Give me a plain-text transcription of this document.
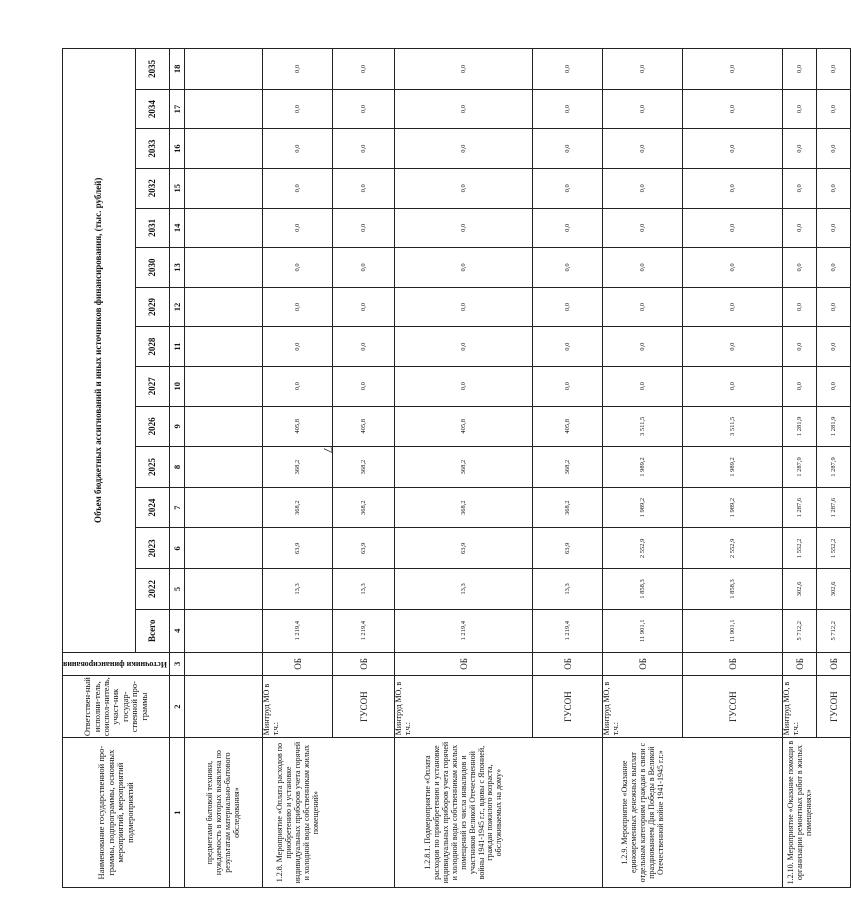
7
Наименование государственной про-граммы, подпрограммы, основных мероприятий, мероприятий подмероприятий	Ответствен-ный исполни-тель, соиспол-нитель, участ-ник государ-ственной про-граммы	Источники финансирования	Объем бюджетных ассигнований и иных источников финансирования, (тыс. рублей)														
			Всего	2022	2023	2024	2025	2026	2027	2028	2029	2030	2031	2032	2033	2034	2035
1	2	3	4	5	6	7	8	9	10	11	12	13	14	15	16	17	18
предметами бытовой техники, нуждаемость в которых выявлена по результатам материально-бытового обследования»																	
1.2.8. Мероприятие «Оплата расходов по приобретению и установке индивидуальных приборов учета горячей и холодной воды собственникам жилых помещений»	Минтруд МО в т.ч.:	ОБ	1 219,4	13,3	63,9	368,2	368,2	405,8	0,0	0,0	0,0	0,0	0,0	0,0	0,0	0,0	0,0
	ГУСОН	ОБ	1 219,4	13,3	63,9	368,2	368,2	405,8	0,0	0,0	0,0	0,0	0,0	0,0	0,0	0,0	0,0
1.2.8.1. Подмероприятие «Оплата расходов по приобретению и установке индивидуальных приборов учета горячей и холодной воды собственникам жилых помещений из числа инвалидов и участников Великой Отечественной войны 1941-1945 г.г., вдовы с Японией, граждан пожилого возраста, обслуживаемых на дому»	Минтруд МО, в т.ч.:	ОБ	1 219,4	13,3	63,9	368,2	368,2	405,8	0,0	0,0	0,0	0,0	0,0	0,0	0,0	0,0	0,0
	ГУСОН	ОБ	1 219,4	13,3	63,9	368,2	368,2	405,8	0,0	0,0	0,0	0,0	0,0	0,0	0,0	0,0	0,0
1.2.9. Мероприятие «Оказание единовременных денежных выплат отдельным категориям граждан в связи с празднованием Дня Победы в Великой Отечественной войне 1941-1945 г.г.»	Минтруд МО, в т.ч.:	ОБ	11 901,1	1 858,3	2 552,9	1 989,2	1 989,2	3 511,5	0,0	0,0	0,0	0,0	0,0	0,0	0,0	0,0	0,0
	ГУСОН	ОБ	11 901,1	1 858,3	2 552,9	1 989,2	1 989,2	3 511,5	0,0	0,0	0,0	0,0	0,0	0,0	0,0	0,0	0,0
1.2.10. Мероприятие «Оказание помощи в организации ремонтных работ в жилых помещениях»	Минтруд МО, в т.ч.:	ОБ	5 712,2	302,6	1 552,2	1 287,6	1 287,9	1 281,9	0,0	0,0	0,0	0,0	0,0	0,0	0,0	0,0	0,0
	ГУСОН	ОБ	5 712,2	302,6	1 552,2	1 287,6	1 287,9	1 281,9	0,0	0,0	0,0	0,0	0,0	0,0	0,0	0,0	0,0
